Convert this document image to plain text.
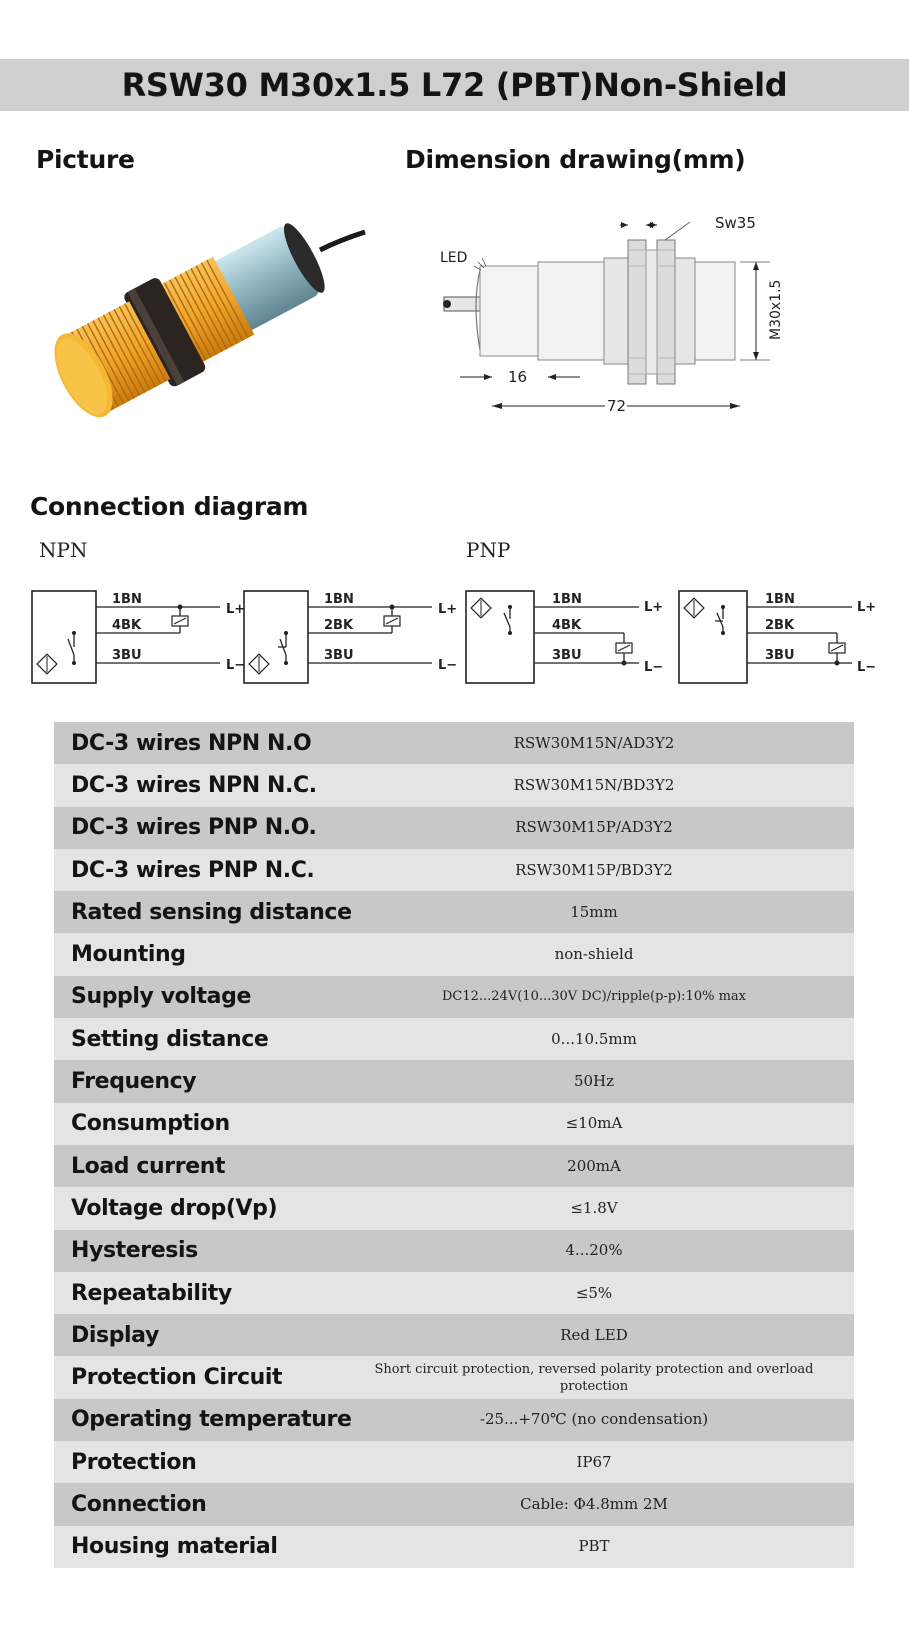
RSW30 M30x1.5 L72 (PBT)Non-Shield
Picture	Dimension drawing(mm)
LED
Sw35
M30x1.5
16
72
Connection diagram
NPN	PNP
1BN
4BK
3BU
L+
L−
1BN
2BK
3BU
L+
L−
1BN
4BK
3BU
L+
L−
1BN
2BK
3BU
L+
L−
DC-3 wires NPN N.O	RSW30M15N/AD3Y2
DC-3 wires NPN N.C.	RSW30M15N/BD3Y2
DC-3 wires PNP N.O.	RSW30M15P/AD3Y2
DC-3 wires PNP N.C.	RSW30M15P/BD3Y2
Rated sensing distance	15mm
Mounting	non-shield
Supply voltage	DC12...24V(10...30V DC)/ripple(p-p):10% max
Setting distance	0...10.5mm
Frequency	50Hz
Consumption	≤10mA
Load current	200mA
Voltage drop(Vp)	≤1.8V
Hysteresis	4...20%
Repeatability	≤5%
Display	Red LED
Protection Circuit	Short circuit protection, reversed polarity protection and overload protection
Operating temperature	-25...+70℃ (no condensation)
Protection	IP67
Connection	Cable: Φ4.8mm 2M
Housing material	PBT
